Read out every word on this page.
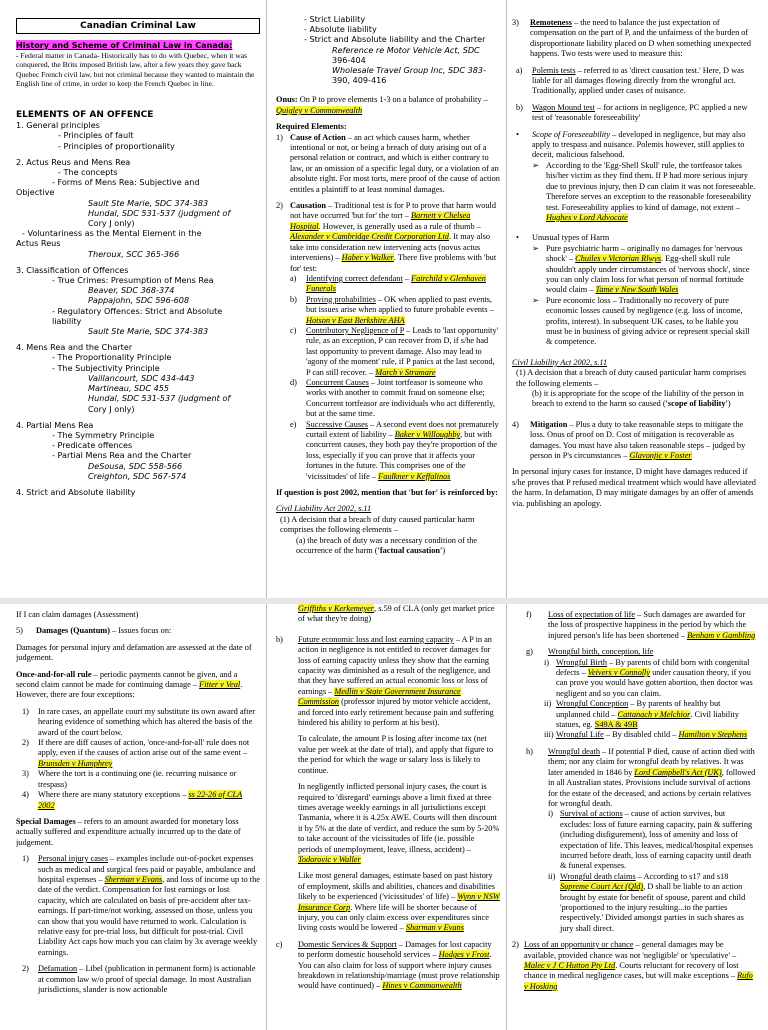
Canadian Criminal Law

History and Scheme of Criminal Law in Canada:

- Federal matter in Canada- Historically has to do with Quebec, when it was conquered, the Brits imposed British law, after a few years they gave back Quebec French civil law, but not criminal because they wanted to maintain the English line of crime, in order to keep the French Quebec in line.

ELEMENTS OF AN OFFENCE

1. General principles

- Principles of fault

- Principles of proportionality

2. Actus Reus and Mens Rea

- The concepts

- Forms of Mens Rea: Subjective and

Objective

Sault Ste Marie, SDC 374-383

Hundal, SDC 531-537 (judgment of

Cory J only)

- Voluntariness as the Mental Element in the

Actus Reus

Theroux, SCC 365-366

3. Classification of Offences

- True Crimes: Presumption of Mens Rea

Beaver, SDC 368-374

Pappajohn, SDC 596-608

- Regulatory Offences: Strict and Absolute

liability

Sault Ste Marie, SDC 374-383

4. Mens Rea and the Charter

- The Proportionality Principle

- The Subjectivity Principle

Vaillancourt, SDC 434-443

Martineau, SDC 455

Hundal, SDC 531-537 (judgment of

Cory J only)

4. Partial Mens Rea

- The Symmetry Principle

- Predicate offences

- Partial Mens Rea and the Charter

DeSousa, SDC 558-566

Creighton, SDC 567-574

4. Strict and Absolute liability

- Strict Liability

- Absolute liability

- Strict and Absolute liability and the Charter

Reference re Motor Vehicle Act, SDC

396-404

Wholesale Travel Group Inc, SDC 383-

390, 409-416

Onus: On P to prove elements 1-3 on a balance of probability – Quigley v Commonwealth

Required Elements:

1) Cause of Action – an act which causes harm, whether intentional or not, or being a breach of duty arising out of a personal relation or contract, and which is either contrary to law, or an omission of a specific legal duty, or a violation of an absolute right. For most torts, mere proof of the cause of action entitles a plaintiff to at least nominal damages.
2) Causation – Traditional test is for P to prove that harm would not have occurred 'but for' the tort – Barnett v Chelsea Hospital. However, is generally used as a rule of thumb – Alexander v Cambridge Credit Corporation Ltd. It may also take into consideration new intervening acts (novus actus interveniens) – Haber v Walker. There five problems with 'but for' test:
a)	Identifying correct defendant – Fairchild v Glenhaven Funerals
b)	Proving probabilities – OK when applied to past events, but issues arise when applied to future probable events – Hotson v East Berkshire AHA
c)	Contributory Negligence of P – Leads to 'last opportunity' rule, as an exception, P can recover from D, if s/he had last opportunity to prevent damage. Also may lead to 'agony of the moment' rule, if P panics at the last second, P can still recover. – March v Stramare
d)	Concurrent Causes – Joint tortfeasor is someone who works with another to commit fraud on someone else; Concurrent tortfeasor are individuals who act differently, but at the same time.
e)	Successive Causes – A second event does not prematurely curtail extent of liability – Baker v Willoughby, but with concurrent causes, they both pay they're proportion of the loss, especially if you can prove that it affects your fortunes in the future. This comprises one of the 'vicissitudes' of life – Faulkner v Keffalinos

If question is post 2002, mention that 'but for' is reinforced by:

Civil Liability Act 2002, s.11

(1) A decision that a breach of duty caused particular harm comprises the following elements –

(a) the breach of duty was a necessary condition of the occurrence of the harm ('factual causation')

3)	Remoteness – the need to balance the just expectation of compensation on the part of P, and the unfairness of the burden of disproportionate liability placed on D when something unexpected happens. Two tests were used to measure this:
a)	Polemis tests – referred to as 'direct causation test.' Here, D was liable for all damages flowing directly from the wrongful act. Traditionally, applied under cases of nuisance.
b)	Wagon Mound test – for actions in negligence, PC applied a new test of 'reasonable foreseeability'
•	Scope of Foreseeability – developed in negligence, but may also apply to trespass and nuisance. Polemis however, still applies to deceit, malicious falsehood.
➢ According to the 'Egg-Shell Skull' rule, the tortfeasor takes his/her victim as they find them. If P had more serious injury due to previous injury, then D can claim it was not foreseeable. Therefore serves an exception to the reasonable foreseeability test. Foreseeability applies to kind of damage, not extent – Hughes v Lord Advocate
•	Unusual types of Harm
➢ Pure psychiatric harm – originally no damages for 'nervous shock' – Chuiles v Victorian Rlwys. Egg-shell skull rule shouldn't apply under circumstances of 'nervous shock', since you can only claim loss for what person of normal fortitude would claim – Tame v New South Wales
➢ Pure economic loss – Traditionally no recovery of pure economic losses caused by negligence (e.g. loss of income, profits, interest). In subsequent UK cases, to be liable you must be in business of giving advice or represent special skill & competence.

Civil Liability Act 2002, s.11

(1) A decision that a breach of duty caused particular harm comprises the following elements –

(b) it is appropriate for the scope of the liability of the person in breach to extend to the harm so caused ('scope of liability')

4)	Mitigation – Plus a duty to take reasonable steps to mitigate the loss. Onus of proof on D. Cost of mitigation is recoverable as damages. You must have also taken reasonable steps – judged by person in P's circumstances – Glavonjic v Foster

In personal injury cases for instance, D might have damages reduced if s/he proves that P refused medical treatment which would have alleviated the harm. In defamation, D may mitigate damages by an offer of amends via. publishing an apology.

If I can claim damages (Assessment)

5)	Damages (Quantum) – Issues focus on:

Damages for personal injury and defamation are assessed at the date of judgement.

Once-and-for-all rule – periodic payments cannot be given, and a second claim cannot be made for continuing damage – Fitter v Veal. However, there are four exceptions:

1)	In rare cases, an appellate court my substitute its own award after hearing evidence of something which has altered the basis of the award of the court below.
2)	If there are diff causes of action, 'once-and-for-all' rule does not apply, even if the causes of action arise out of the same event – Brunsden v Humphrey
3)	Where the tort is a continuing one (ie. recurring nuisance or trespass)
4)	Where there are many statutory exceptions – ss 22-26 of CLA 2002

Special Damages – refers to an amount awarded for monetary loss actually suffered and expenditure actually incurred up to the date of judgement.

1)	Personal injury cases – examples include out-of-pocket expenses such as medical and surgical fees paid or payable, ambulance and hospital expenses – Sherman v Evans, and loss of income up to the date of the verdict. Compensation for lost earnings or lost capacity, which are calculated on basis of pre-accident after tax-earnings. If part-time/not working, assessed on those, unless you can show that you would have returned to work. Calculation is relative easy for pre-trial loss, but difficult for post-trial. Civil Liability Act caps how much you can claim by 3x average weekly earnings.
2)	Defamation – Libel (publication in permanent form) is actionable at common law w/o proof of special damage. In most Australian jurisdictions, slander is now actionable

Griffiths v Kerkemeyer, s.59 of CLA (only get market price of what they're doing)

b)	Future economic loss and lost earning capacity – A P in an action in negligence is not entitled to recover damages for loss of earning capacity unless they show that the earning capacity was diminished as a result of the negligence, and that they have suffered an actual economic loss or loss of earnings – Medlin v State Government Insurance Commission (professor injured by motor vehicle accident, and forced into early retirement because pain and suffering hindered his ability to perform at his best).

To calculate, the amount P is losing after income tax (net value per week at the date of trial), and apply that figure to the period for which the wage or salary loss is likely to continue.

In negligently inflicted personal injury cases, the court is required to 'disregard' earnings above a limit fixed at three times average weekly earnings in all jurisdictions except Tasmania, where it is 4.25x AWE. Courts will then discount it by 5% at the date of verdict, and reduce the sum by 5-20% to take account of the vicissitudes of life (ie. possible periods of unemployment, leave, illness, accident) – Todorovic v Waller

Like most general damages, estimate based on past history of employment, skills and abilities, chances and disabilities likely to be experienced ('vicissitudes' of life) – Wynn v NSW Insurance Corp. Where life will be shorter because of injury, you can only claim excess over expenditures since living costs would be lowered – Sharman v Evans

c)	Domestic Services & Support – Damages for lost capacity to perform domestic household services – Hodges v Frost. You can also claim for loss of support where injury causes breakdown in relationship/marriage (must prove relationship would have continued) – Hines v Commonwealth
f)	Loss of expectation of life – Such damages are awarded for the loss of prospective happiness in the period by which the injured person's life has been shortened – Benham v Gambling
g)	Wrongful birth, conception, life
i) Wrongful Birth – By parents of child born with congenital defects – Veivers v Connolly under causation theory, if you can prove you would have gotten abortion, then doctor was negligent and so you can claim.
ii) Wrongful Conception – By parents of healthy but unplanned child – Cattanach v Melchior. Civil liability statues, eg. S49A & 49B
iii) Wrongful Life – By disabled child – Hamilton v Stephens
h)	Wrongful death – If potential P died, cause of action died with them; nor any claim for wrongful death by relatives. It was later amended in 1846 by Lord Campbell's Act (UK), followed in all Australian states. Provisions include survival of actions for the estate of the deceased, and actions by certain relatives for wrongful death.
i) Survival of actions – cause of action survives, but excludes: loss of future earning capacity, pain & suffering (including disfigurement), loss of amenity and loss of expectation of life. This leaves, medical/hospital expenses incurred before death, loss of earning capacity until death & funeral expenses.
ii) Wrongful death claims – According to s17 and s18 Supreme Court Act (Qld), D shall be liable to an action brought by estate for benefit of spouse, parent and child 'proportioned to the injury resulting...to the parties respectively.' Divided amongst parties in such shares as jury shall direct.
2) Loss of an opportunity or chance – general damages may be available, provided chance was not 'negligible' or 'speculative' – Malec v J C Hutton Pty Ltd. Courts reluctant for recovery of lost chance in medical negligence cases, but will make exceptions – Rufo v Hosking
